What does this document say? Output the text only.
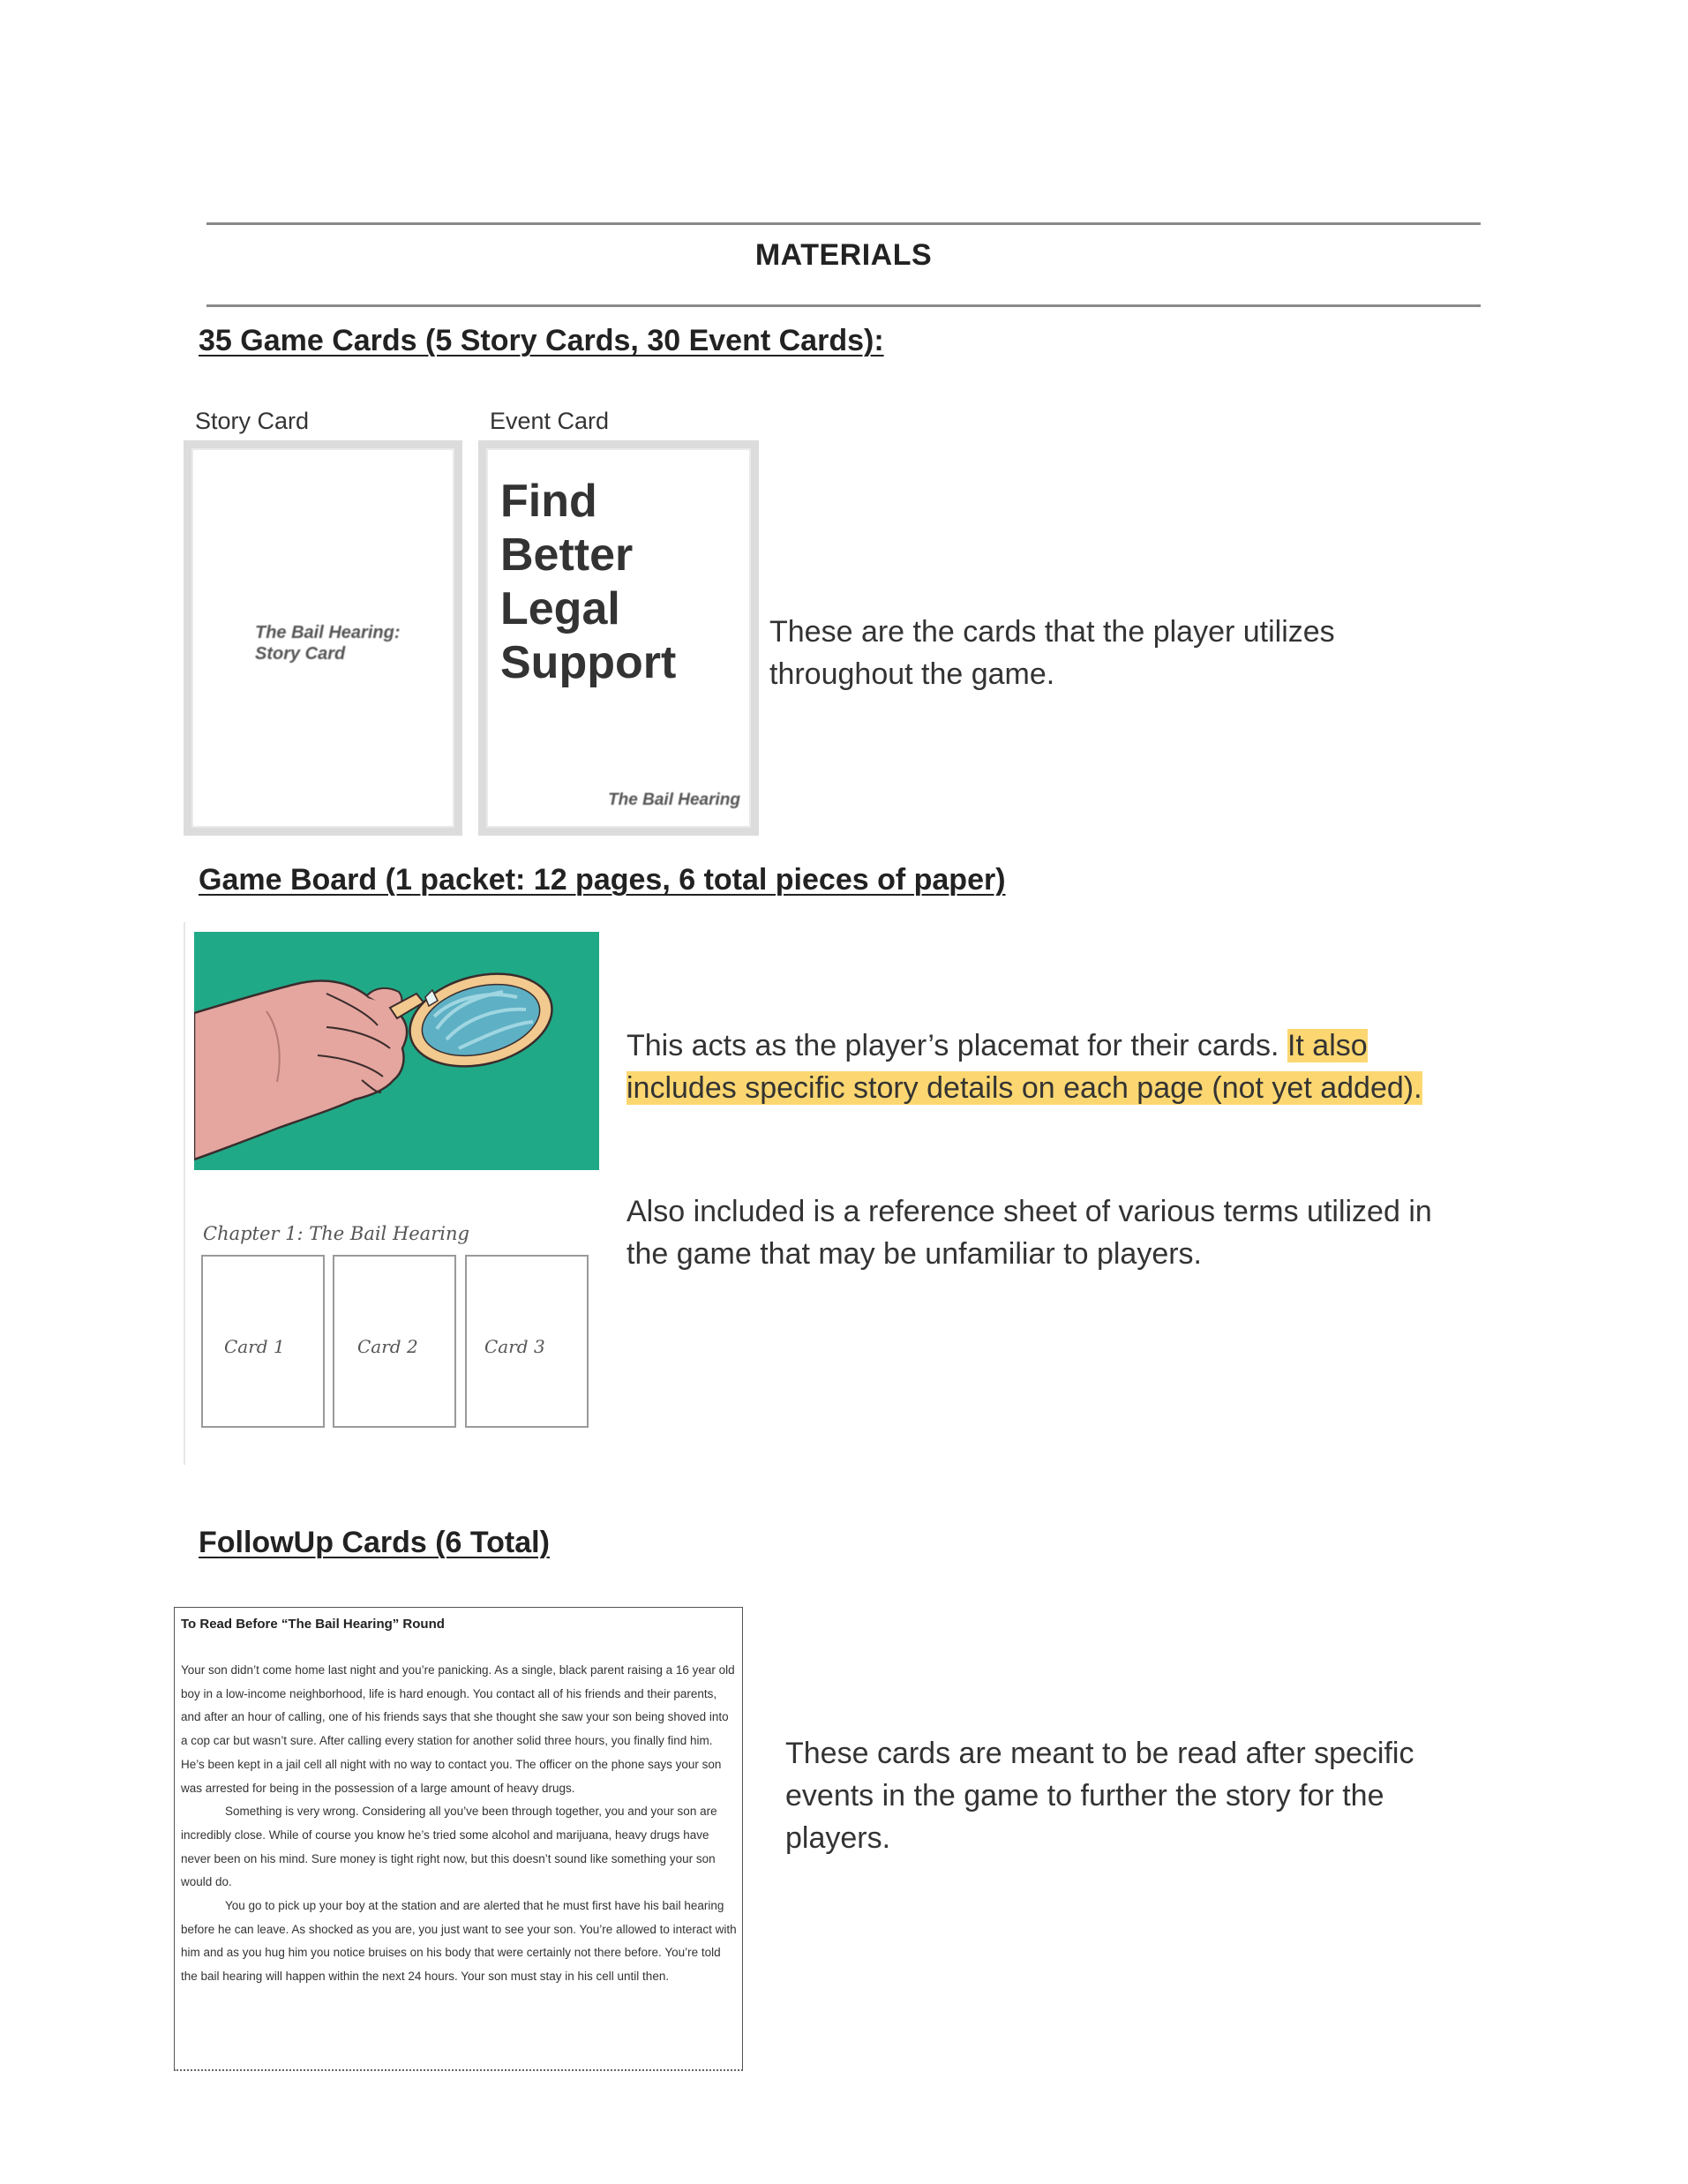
MATERIALS
35 Game Cards (5 Story Cards, 30 Event Cards):
Story Card	Event Card
The Bail Hearing:
Story Card
Find
Better
Legal
Support
The Bail Hearing
These are the cards that the player utilizes throughout the game.
Game Board (1 packet: 12 pages, 6 total pieces of paper)
Chapter 1: The Bail Hearing
Card 1	Card 2	Card 3
This acts as the player’s placemat for their cards. It also
includes specific story details on each page (not yet added).
Also included is a reference sheet of various terms utilized in the game that may be unfamiliar to players.
FollowUp Cards (6 Total)
To Read Before “The Bail Hearing” Round

Your son didn’t come home last night and you’re panicking. As a single, black parent raising a 16 year old boy in a low-income neighborhood, life is hard enough. You contact all of his friends and their parents, and after an hour of calling, one of his friends says that she thought she saw your son being shoved into a cop car but wasn’t sure. After calling every station for another solid three hours, you finally find him. He’s been kept in a jail cell all night with no way to contact you. The officer on the phone says your son was arrested for being in the possession of a large amount of heavy drugs.

Something is very wrong. Considering all you’ve been through together, you and your son are incredibly close. While of course you know he’s tried some alcohol and marijuana, heavy drugs have never been on his mind. Sure money is tight right now, but this doesn’t sound like something your son would do.

You go to pick up your boy at the station and are alerted that he must first have his bail hearing before he can leave. As shocked as you are, you just want to see your son. You’re allowed to interact with him and as you hug him you notice bruises on his body that were certainly not there before. You’re told the bail hearing will happen within the next 24 hours. Your son must stay in his cell until then.

These cards are meant to be read after specific events in the game to further the story for the players.
